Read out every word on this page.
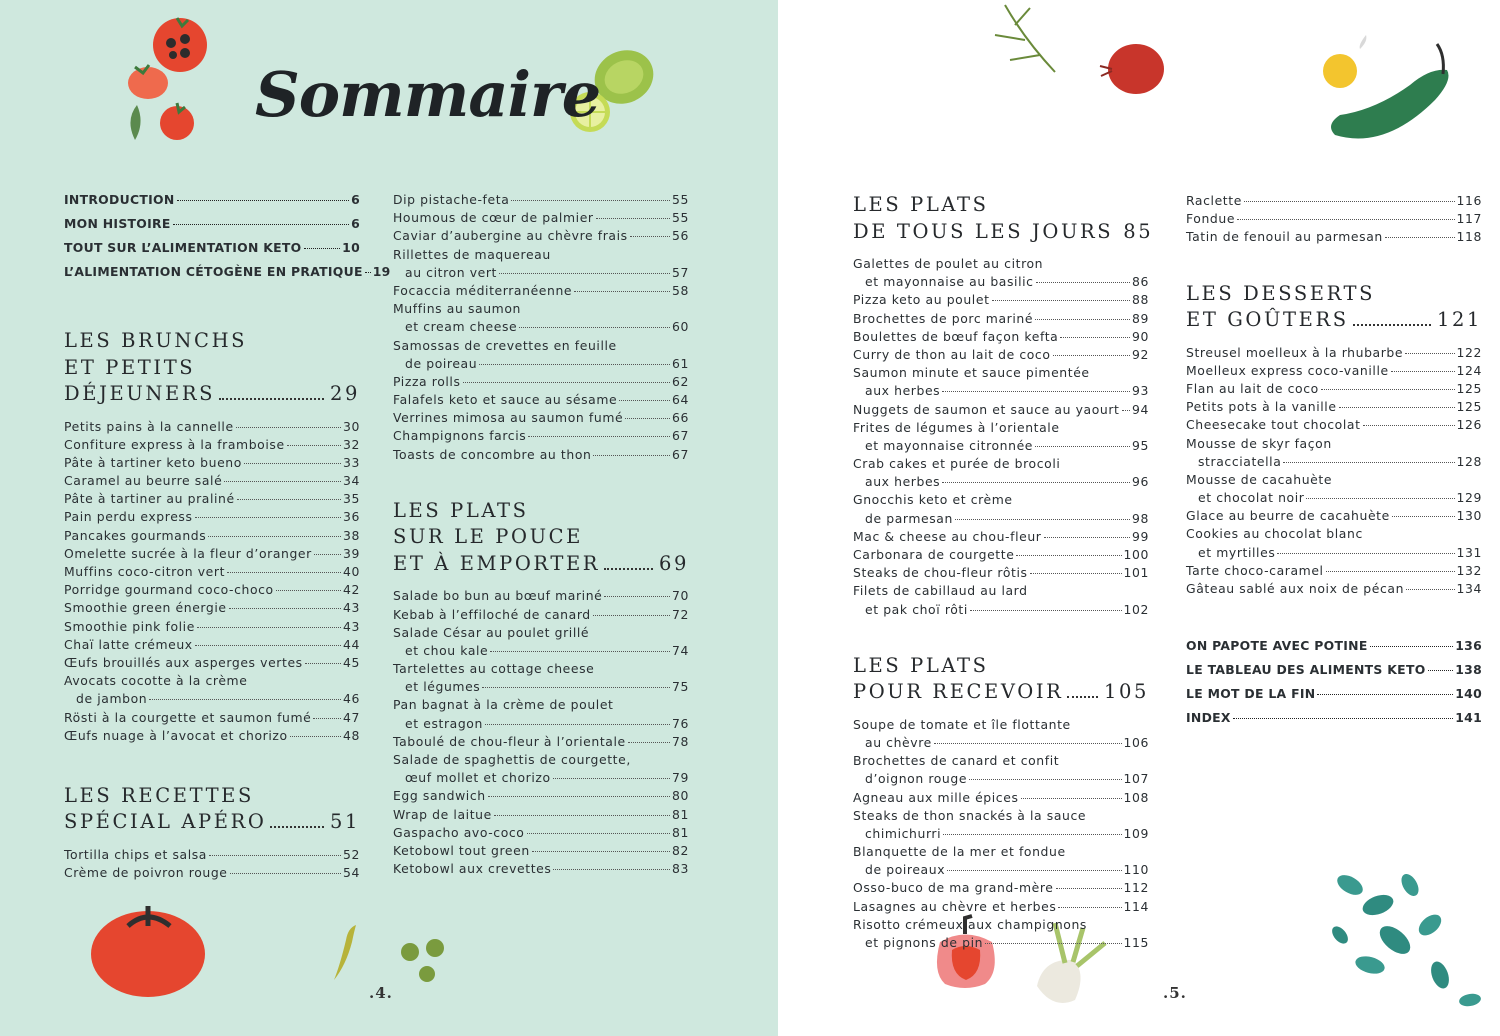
Sommaire
INTRODUCTION	6
MON HISTOIRE	6
TOUT SUR L’ALIMENTATION KETO	10
L’ALIMENTATION CÉTOGÈNE EN PRATIQUE 19
LES BRUNCHS
ET PETITS
DÉJEUNERS	29
Petits pains à la cannelle	30
Confiture express à la framboise	32
Pâte à tartiner keto bueno	33
Caramel au beurre salé	34
Pâte à tartiner au praliné	35
Pain perdu express	36
Pancakes gourmands	38
Omelette sucrée à la fleur d’oranger	39
Muffins coco-citron vert	40
Porridge gourmand coco-choco	42
Smoothie green énergie	43
Smoothie pink folie	43
Chaï latte crémeux	44
Œufs brouillés aux asperges vertes	45
Avocats cocotte à la crème
de jambon	46
Rösti à la courgette et saumon fumé	47
Œufs nuage à l’avocat et chorizo	48
LES RECETTES
SPÉCIAL APÉRO	51
Tortilla chips et salsa	52
Crème de poivron rouge	54
Dip pistache-feta	55
Houmous de cœur de palmier	55
Caviar d’aubergine au chèvre frais	56
Rillettes de maquereau
au citron vert	57
Focaccia méditerranéenne	58
Muffins au saumon
et cream cheese	60
Samossas de crevettes en feuille
de poireau	61
Pizza rolls	62
Falafels keto et sauce au sésame	64
Verrines mimosa au saumon fumé	66
Champignons farcis	67
Toasts de concombre au thon	67
LES PLATS
SUR LE POUCE
ET À EMPORTER	69
Salade bo bun au bœuf mariné	70
Kebab à l’effiloché de canard	72
Salade César au poulet grillé
et chou kale	74
Tartelettes au cottage cheese
et légumes	75
Pan bagnat à la crème de poulet
et estragon	76
Taboulé de chou-fleur à l’orientale	78
Salade de spaghettis de courgette,
œuf mollet et chorizo	79
Egg sandwich	80
Wrap de laitue	81
Gaspacho avo-coco	81
Ketobowl tout green	82
Ketobowl aux crevettes	83
LES PLATS
DE TOUS LES JOURS 85
Galettes de poulet au citron
et mayonnaise au basilic	86
Pizza keto au poulet	88
Brochettes de porc mariné	89
Boulettes de bœuf façon kefta	90
Curry de thon au lait de coco	92
Saumon minute et sauce pimentée
aux herbes	93
Nuggets de saumon et sauce au yaourt 94
Frites de légumes à l’orientale
et mayonnaise citronnée	95
Crab cakes et purée de brocoli
aux herbes	96
Gnocchis keto et crème
de parmesan	98
Mac & cheese au chou-fleur	99
Carbonara de courgette	100
Steaks de chou-fleur rôtis	101
Filets de cabillaud au lard
et pak choï rôti	102
LES PLATS
POUR RECEVOIR 105
Soupe de tomate et île flottante
au chèvre	106
Brochettes de canard et confit
d’oignon rouge	107
Agneau aux mille épices	108
Steaks de thon snackés à la sauce
chimichurri	109
Blanquette de la mer et fondue
de poireaux	110
Osso-buco de ma grand-mère	112
Lasagnes au chèvre et herbes	114
Risotto crémeux aux champignons
et pignons de pin	115
Raclette	116
Fondue	117
Tatin de fenouil au parmesan	118
LES DESSERTS
ET GOÛTERS	121
Streusel moelleux à la rhubarbe	122
Moelleux express coco-vanille	124
Flan au lait de coco	125
Petits pots à la vanille	125
Cheesecake tout chocolat	126
Mousse de skyr façon
stracciatella	128
Mousse de cacahuète
et chocolat noir	129
Glace au beurre de cacahuète	130
Cookies au chocolat blanc
et myrtilles	131
Tarte choco-caramel	132
Gâteau sablé aux noix de pécan	134
ON PAPOTE AVEC POTINE	136
LE TABLEAU DES ALIMENTS KETO 138
LE MOT DE LA FIN	140
INDEX	141
.4.	.5.
